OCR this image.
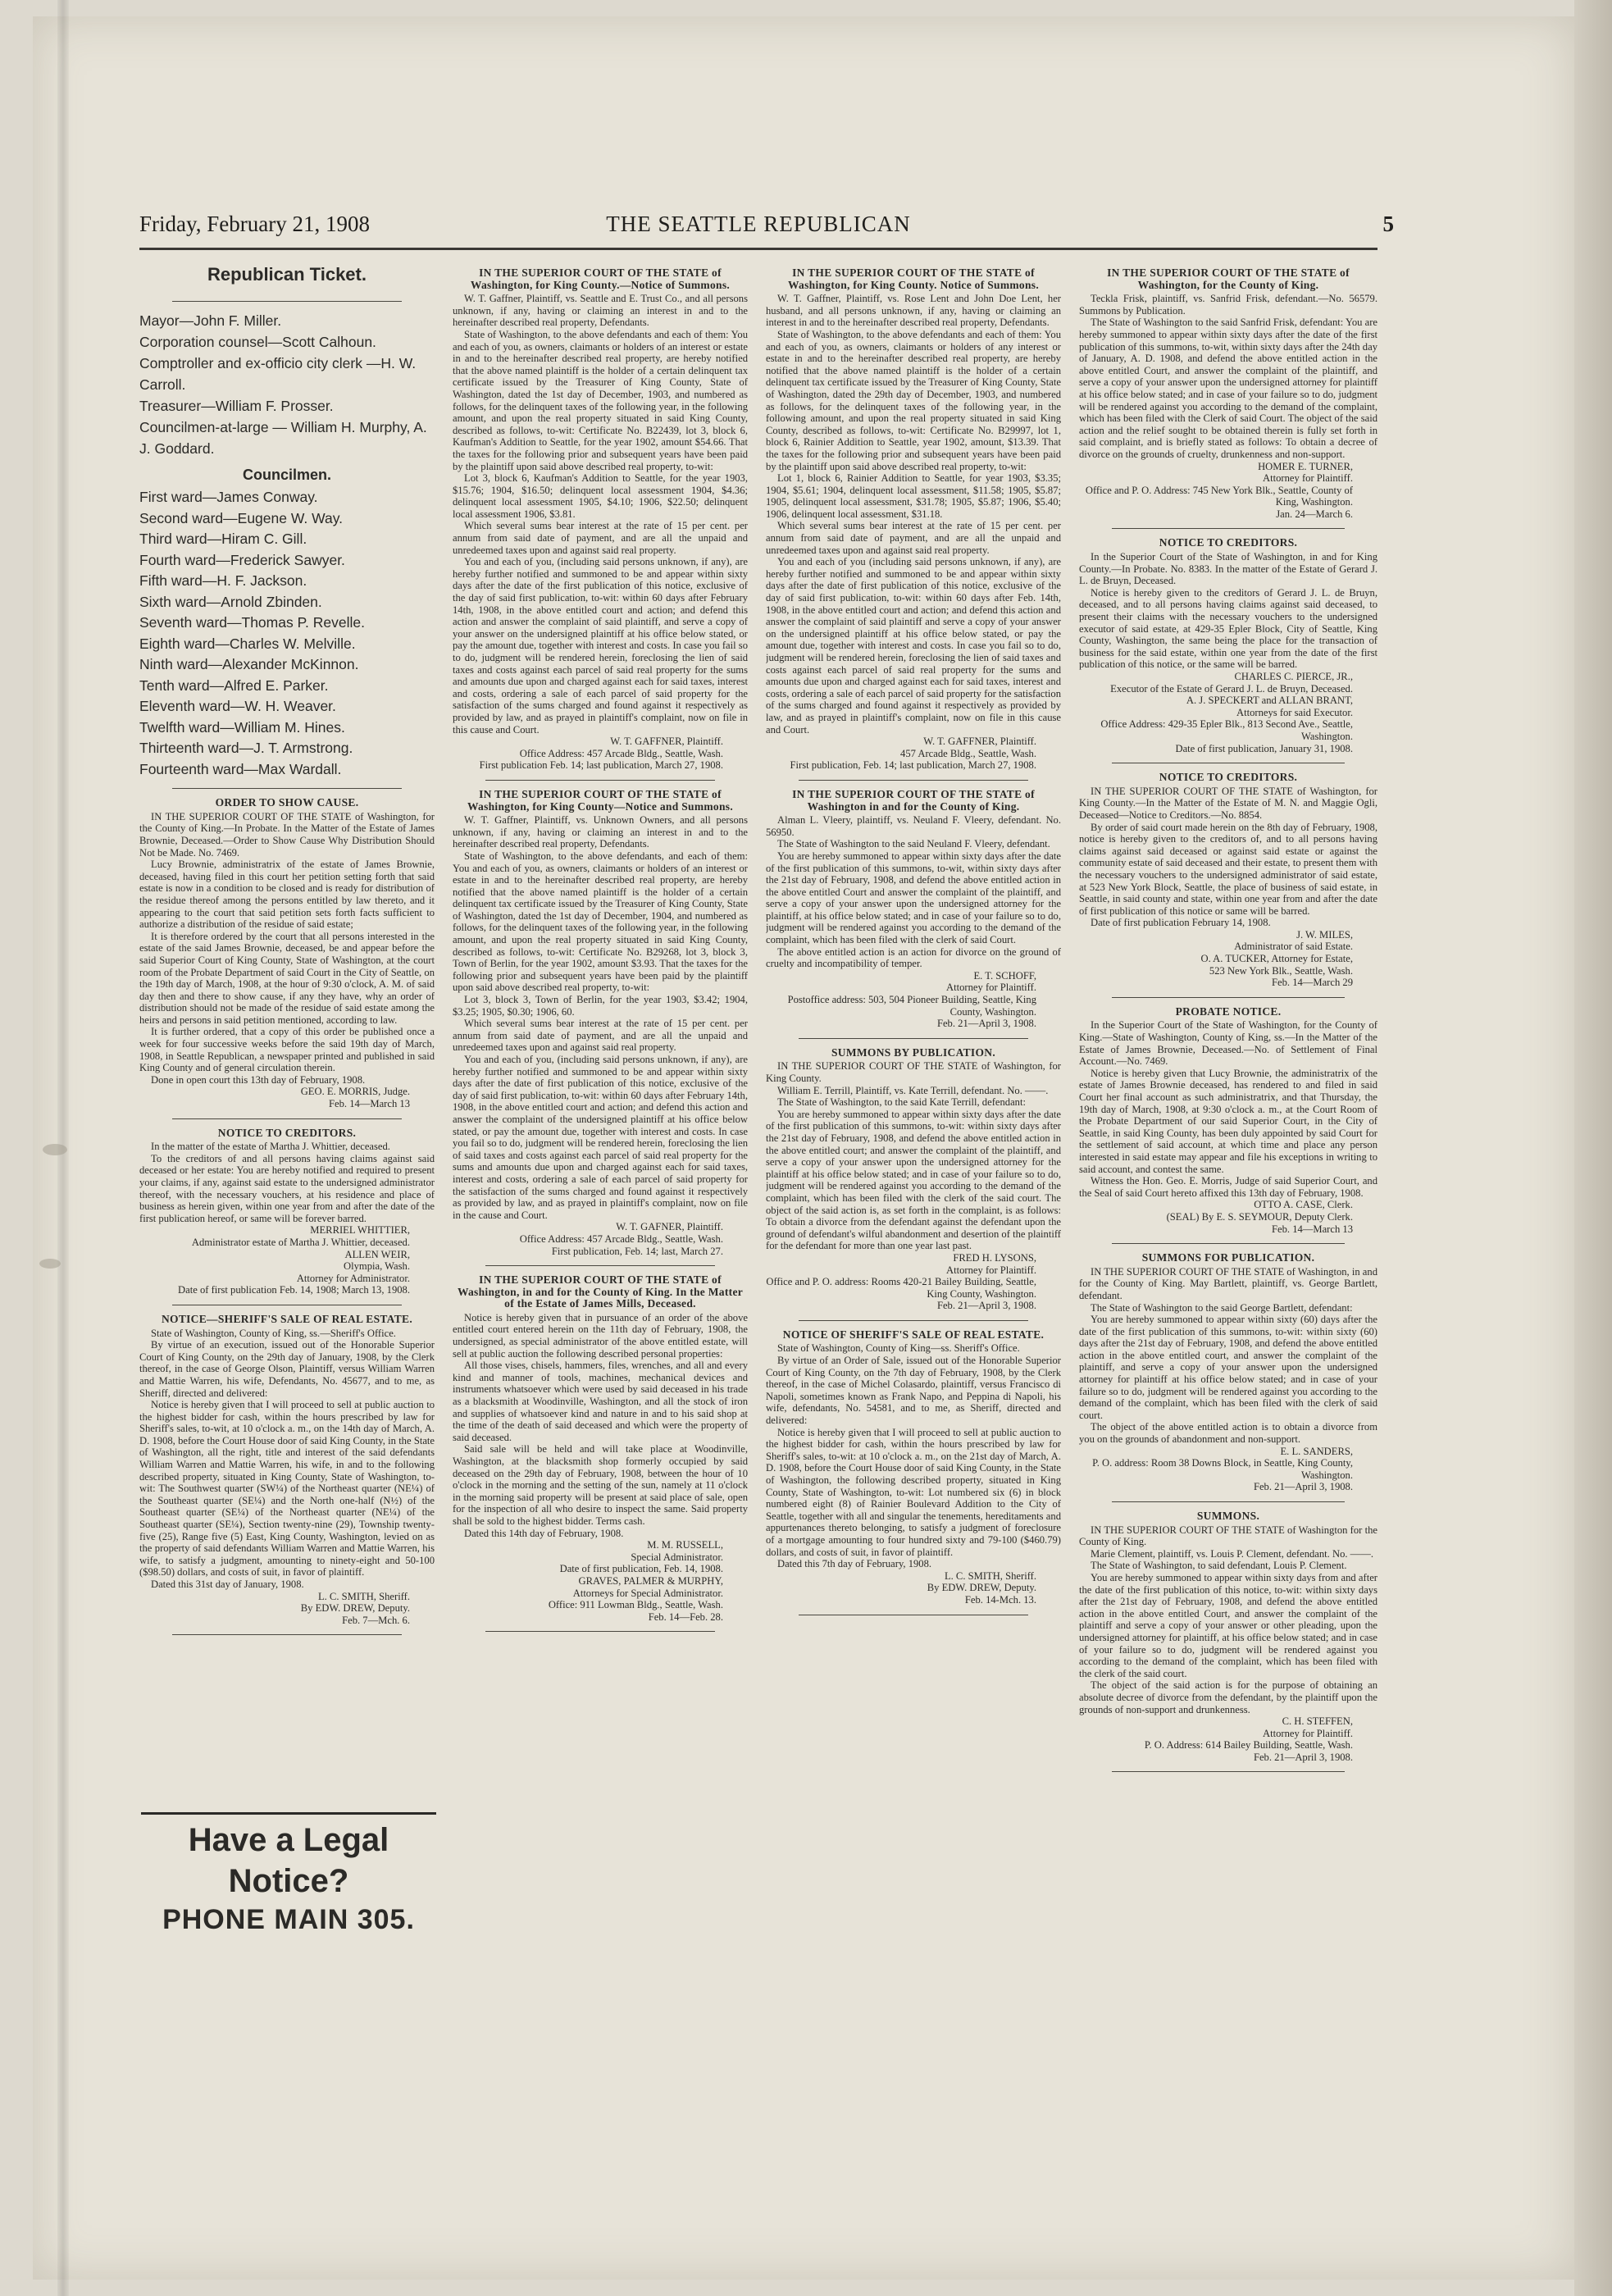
Friday, February 21, 1908	THE SEATTLE REPUBLICAN	5
Republican Ticket.
Mayor—John F. Miller.
Corporation counsel—Scott Calhoun.
Comptroller and ex-officio city clerk —H. W. Carroll.
Treasurer—William F. Prosser.
Councilmen-at-large — William H. Murphy, A. J. Goddard.
Councilmen.
First ward—James Conway.
Second ward—Eugene W. Way.
Third ward—Hiram C. Gill.
Fourth ward—Frederick Sawyer.
Fifth ward—H. F. Jackson.
Sixth ward—Arnold Zbinden.
Seventh ward—Thomas P. Revelle.
Eighth ward—Charles W. Melville.
Ninth ward—Alexander McKinnon.
Tenth ward—Alfred E. Parker.
Eleventh ward—W. H. Weaver.
Twelfth ward—William M. Hines.
Thirteenth ward—J. T. Armstrong.
Fourteenth ward—Max Wardall.
ORDER TO SHOW CAUSE.

IN THE SUPERIOR COURT OF THE STATE of Washington, for the County of King.—In Probate. In the Matter of the Estate of James Brownie, Deceased.—Order to Show Cause Why Distribution Should Not be Made. No. 7469.

Lucy Brownie, administratrix of the estate of James Brownie, deceased, having filed in this court her petition setting forth that said estate is now in a condition to be closed and is ready for distribution of the residue thereof among the persons entitled by law thereto, and it appearing to the court that said petition sets forth facts sufficient to authorize a distribution of the residue of said estate;

It is therefore ordered by the court that all persons interested in the estate of the said James Brownie, deceased, be and appear before the said Superior Court of King County, State of Washington, at the court room of the Probate Department of said Court in the City of Seattle, on the 19th day of March, 1908, at the hour of 9:30 o'clock, A. M. of said day then and there to show cause, if any they have, why an order of distribution should not be made of the residue of said estate among the heirs and persons in said petition mentioned, according to law.

It is further ordered, that a copy of this order be published once a week for four successive weeks before the said 19th day of March, 1908, in Seattle Republican, a newspaper printed and published in said King County and of general circulation therein.

Done in open court this 13th day of February, 1908.

GEO. E. MORRIS, Judge.
Feb. 14—March 13
NOTICE TO CREDITORS.

In the matter of the estate of Martha J. Whittier, deceased.

To the creditors of and all persons having claims against said deceased or her estate: You are hereby notified and required to present your claims, if any, against said estate to the undersigned administrator thereof, with the necessary vouchers, at his residence and place of business as herein given, within one year from and after the date of the first publication hereof, or same will be forever barred.

MERRIEL WHITTIER,
Administrator estate of Martha J. Whittier, deceased.
ALLEN WEIR,
Olympia, Wash.
Attorney for Administrator.
Date of first publication Feb. 14, 1908; March 13, 1908.
NOTICE—SHERIFF'S SALE OF REAL ESTATE.

State of Washington, County of King, ss.—Sheriff's Office.

By virtue of an execution, issued out of the Honorable Superior Court of King County, on the 29th day of January, 1908, by the Clerk thereof, in the case of George Olson, Plaintiff, versus William Warren and Mattie Warren, his wife, Defendants, No. 45677, and to me, as Sheriff, directed and delivered:

Notice is hereby given that I will proceed to sell at public auction to the highest bidder for cash, within the hours prescribed by law for Sheriff's sales, to-wit, at 10 o'clock a. m., on the 14th day of March, A. D. 1908, before the Court House door of said King County, in the State of Washington, all the right, title and interest of the said defendants William Warren and Mattie Warren, his wife, in and to the following described property, situated in King County, State of Washington, to-wit: The Southwest quarter (SW¼) of the Northeast quarter (NE¼) of the Southeast quarter (SE¼) and the North one-half (N½) of the Southeast quarter (SE¼) of the Northeast quarter (NE¼) of the Southeast quarter (SE¼), Section twenty-nine (29), Township twenty-five (25), Range five (5) East, King County, Washington, levied on as the property of said defendants William Warren and Mattie Warren, his wife, to satisfy a judgment, amounting to ninety-eight and 50-100 ($98.50) dollars, and costs of suit, in favor of plaintiff.

Dated this 31st day of January, 1908.

L. C. SMITH, Sheriff.
By EDW. DREW, Deputy.
Feb. 7—Mch. 6.
Have a Legal Notice?
PHONE MAIN 305.
IN THE SUPERIOR COURT OF THE STATE of Washington, for King County.—Notice of Summons.

W. T. Gaffner, Plaintiff, vs. Seattle and E. Trust Co., and all persons unknown, if any, having or claiming an interest in and to the hereinafter described real property, Defendants.

State of Washington, to the above defendants and each of them: You and each of you, as owners, claimants or holders of an interest or estate in and to the hereinafter described real property, are hereby notified that the above named plaintiff is the holder of a certain delinquent tax certificate issued by the Treasurer of King County, State of Washington, dated the 1st day of December, 1903, and numbered as follows, for the delinquent taxes of the following year, in the following amount, and upon the real property situated in said King County, described as follows, to-wit: Certificate No. B22439, lot 3, block 6, Kaufman's Addition to Seattle, for the year 1902, amount $54.66. That the taxes for the following prior and subsequent years have been paid by the plaintiff upon said above described real property, to-wit:

Lot 3, block 6, Kaufman's Addition to Seattle, for the year 1903, $15.76; 1904, $16.50; delinquent local assessment 1904, $4.36; delinquent local assessment 1905, $4.10; 1906, $22.50; delinquent local assessment 1906, $3.81.

Which several sums bear interest at the rate of 15 per cent. per annum from said date of payment, and are all the unpaid and unredeemed taxes upon and against said real property.

You and each of you, (including said persons unknown, if any), are hereby further notified and summoned to be and appear within sixty days after the date of the first publication of this notice, exclusive of the day of said first publication, to-wit: within 60 days after February 14th, 1908, in the above entitled court and action; and defend this action and answer the complaint of said plaintiff, and serve a copy of your answer on the undersigned plaintiff at his office below stated, or pay the amount due, together with interest and costs. In case you fail so to do, judgment will be rendered herein, foreclosing the lien of said taxes and costs against each parcel of said real property for the sums and amounts due upon and charged against each for said taxes, interest and costs, ordering a sale of each parcel of said property for the satisfaction of the sums charged and found against it respectively as provided by law, and as prayed in plaintiff's complaint, now on file in this cause and Court.

W. T. GAFFNER, Plaintiff.
Office Address: 457 Arcade Bldg., Seattle, Wash.
First publication Feb. 14; last publication, March 27, 1908.
IN THE SUPERIOR COURT OF THE STATE of Washington, for King County—Notice and Summons.

W. T. Gaffner, Plaintiff, vs. Unknown Owners, and all persons unknown, if any, having or claiming an interest in and to the hereinafter described real property, Defendants.

State of Washington, to the above defendants, and each of them: You and each of you, as owners, claimants or holders of an interest or estate in and to the hereinafter described real property, are hereby notified that the above named plaintiff is the holder of a certain delinquent tax certificate issued by the Treasurer of King County, State of Washington, dated the 1st day of December, 1904, and numbered as follows, for the delinquent taxes of the following year, in the following amount, and upon the real property situated in said King County, described as follows, to-wit: Certificate No. B29268, lot 3, block 3, Town of Berlin, for the year 1902, amount $3.93. That the taxes for the following prior and subsequent years have been paid by the plaintiff upon said above described real property, to-wit:

Lot 3, block 3, Town of Berlin, for the year 1903, $3.42; 1904, $3.25; 1905, $0.30; 1906, 60.

Which several sums bear interest at the rate of 15 per cent. per annum from said date of payment, and are all the unpaid and unredeemed taxes upon and against said real property.

You and each of you, (including said persons unknown, if any), are hereby further notified and summoned to be and appear within sixty days after the date of first publication of this notice, exclusive of the day of said first publication, to-wit: within 60 days after February 14th, 1908, in the above entitled court and action; and defend this action and answer the complaint of the undersigned plaintiff at his office below stated, or pay the amount due, together with interest and costs. In case you fail so to do, judgment will be rendered herein, foreclosing the lien of said taxes and costs against each parcel of said real property for the sums and amounts due upon and charged against each for said taxes, interest and costs, ordering a sale of each parcel of said property for the satisfaction of the sums charged and found against it respectively as provided by law, and as prayed in plaintiff's complaint, now on file in the cause and Court.

W. T. GAFNER, Plaintiff.
Office Address: 457 Arcade Bldg., Seattle, Wash.
First publication, Feb. 14; last, March 27.
IN THE SUPERIOR COURT OF THE STATE of Washington, in and for the County of King. In the Matter of the Estate of James Mills, Deceased.

Notice is hereby given that in pursuance of an order of the above entitled court entered herein on the 11th day of February, 1908, the undersigned, as special administrator of the above entitled estate, will sell at public auction the following described personal properties:

All those vises, chisels, hammers, files, wrenches, and all and every kind and manner of tools, machines, mechanical devices and instruments whatsoever which were used by said deceased in his trade as a blacksmith at Woodinville, Washington, and all the stock of iron and supplies of whatsoever kind and nature in and to his said shop at the time of the death of said deceased and which were the property of said deceased.

Said sale will be held and will take place at Woodinville, Washington, at the blacksmith shop formerly occupied by said deceased on the 29th day of February, 1908, between the hour of 10 o'clock in the morning and the setting of the sun, namely at 11 o'clock in the morning said property will be present at said place of sale, open for the inspection of all who desire to inspect the same. Said property shall be sold to the highest bidder. Terms cash.

Dated this 14th day of February, 1908.

M. M. RUSSELL,
Special Administrator.
Date of first publication, Feb. 14, 1908.
GRAVES, PALMER & MURPHY,
Attorneys for Special Administrator.
Office: 911 Lowman Bldg., Seattle, Wash.
Feb. 14—Feb. 28.
IN THE SUPERIOR COURT OF THE STATE of Washington, for King County. Notice of Summons.

W. T. Gaffner, Plaintiff, vs. Rose Lent and John Doe Lent, her husband, and all persons unknown, if any, having or claiming an interest in and to the hereinafter described real property, Defendants.

State of Washington, to the above defendants and each of them: You and each of you, as owners, claimants or holders of any interest or estate in and to the hereinafter described real property, are hereby notified that the above named plaintiff is the holder of a certain delinquent tax certificate issued by the Treasurer of King County, State of Washington, dated the 29th day of December, 1903, and numbered as follows, for the delinquent taxes of the following year, in the following amount, and upon the real property situated in said King County, described as follows, to-wit: Certificate No. B29997, lot 1, block 6, Rainier Addition to Seattle, year 1902, amount, $13.39. That the taxes for the following prior and subsequent years have been paid by the plaintiff upon said above described real property, to-wit:

Lot 1, block 6, Rainier Addition to Seattle, for year 1903, $3.35; 1904, $5.61; 1904, delinquent local assessment, $11.58; 1905, $5.87; 1905, delinquent local assessment, $31.78; 1905, $5.87; 1906, $5.40; 1906, delinquent local assessment, $31.18.

Which several sums bear interest at the rate of 15 per cent. per annum from said date of payment, and are all the unpaid and unredeemed taxes upon and against said real property.

You and each of you (including said persons unknown, if any), are hereby further notified and summoned to be and appear within sixty days after the date of first publication of this notice, exclusive of the day of said first publication, to-wit: within 60 days after Feb. 14th, 1908, in the above entitled court and action; and defend this action and answer the complaint of said plaintiff and serve a copy of your answer on the undersigned plaintiff at his office below stated, or pay the amount due, together with interest and costs. In case you fail so to do, judgment will be rendered herein, foreclosing the lien of said taxes and costs against each parcel of said real property for the sums and amounts due upon and charged against each for said taxes, interest and costs, ordering a sale of each parcel of said property for the satisfaction of the sums charged and found against it respectively as provided by law, and as prayed in plaintiff's complaint, now on file in this cause and Court.

W. T. GAFFNER, Plaintiff.
457 Arcade Bldg., Seattle, Wash.
First publication, Feb. 14; last publication, March 27, 1908.
IN THE SUPERIOR COURT OF THE STATE of Washington in and for the County of King.

Alman L. Vleery, plaintiff, vs. Neuland F. Vleery, defendant. No. 56950.

The State of Washington to the said Neuland F. Vleery, defendant.

You are hereby summoned to appear within sixty days after the date of the first publication of this summons, to-wit, within sixty days after the 21st day of February, 1908, and defend the above entitled action in the above entitled Court and answer the complaint of the plaintiff, and serve a copy of your answer upon the undersigned attorney for the plaintiff, at his office below stated; and in case of your failure so to do, judgment will be rendered against you according to the demand of the complaint, which has been filed with the clerk of said Court.

The above entitled action is an action for divorce on the ground of cruelty and incompatibility of temper.

E. T. SCHOFF,
Attorney for Plaintiff.
Postoffice address: 503, 504 Pioneer Building, Seattle, King County, Washington.
Feb. 21—April 3, 1908.
SUMMONS BY PUBLICATION.

IN THE SUPERIOR COURT OF THE STATE of Washington, for King County.

William E. Terrill, Plaintiff, vs. Kate Terrill, defendant. No. ——.

The State of Washington, to the said Kate Terrill, defendant:

You are hereby summoned to appear within sixty days after the date of the first publication of this summons, to-wit: within sixty days after the 21st day of February, 1908, and defend the above entitled action in the above entitled court; and answer the complaint of the plaintiff, and serve a copy of your answer upon the undersigned attorney for the plaintiff at his office below stated; and in case of your failure so to do, judgment will be rendered against you according to the demand of the complaint, which has been filed with the clerk of the said court. The object of the said action is, as set forth in the complaint, is as follows: To obtain a divorce from the defendant against the defendant upon the ground of defendant's wilful abandonment and desertion of the plaintiff for the defendant for more than one year last past.

FRED H. LYSONS,
Attorney for Plaintiff.
Office and P. O. address: Rooms 420-21 Bailey Building, Seattle, King County, Washington.
Feb. 21—April 3, 1908.
NOTICE OF SHERIFF'S SALE OF REAL ESTATE.

State of Washington, County of King—ss. Sheriff's Office.

By virtue of an Order of Sale, issued out of the Honorable Superior Court of King County, on the 7th day of February, 1908, by the Clerk thereof, in the case of Michel Colasardo, plaintiff, versus Francisco di Napoli, sometimes known as Frank Napo, and Peppina di Napoli, his wife, defendants, No. 54581, and to me, as Sheriff, directed and delivered:

Notice is hereby given that I will proceed to sell at public auction to the highest bidder for cash, within the hours prescribed by law for Sheriff's sales, to-wit: at 10 o'clock a. m., on the 21st day of March, A. D. 1908, before the Court House door of said King County, in the State of Washington, the following described property, situated in King County, State of Washington, to-wit: Lot numbered six (6) in block numbered eight (8) of Rainier Boulevard Addition to the City of Seattle, together with all and singular the tenements, hereditaments and appurtenances thereto belonging, to satisfy a judgment of foreclosure of a mortgage amounting to four hundred sixty and 79-100 ($460.79) dollars, and costs of suit, in favor of plaintiff.

Dated this 7th day of February, 1908.

L. C. SMITH, Sheriff.
By EDW. DREW, Deputy.
Feb. 14-Mch. 13.
IN THE SUPERIOR COURT OF THE STATE of Washington, for the County of King.

Teckla Frisk, plaintiff, vs. Sanfrid Frisk, defendant.—No. 56579. Summons by Publication.

The State of Washington to the said Sanfrid Frisk, defendant: You are hereby summoned to appear within sixty days after the date of the first publication of this summons, to-wit, within sixty days after the 24th day of January, A. D. 1908, and defend the above entitled action in the above entitled Court, and answer the complaint of the plaintiff, and serve a copy of your answer upon the undersigned attorney for plaintiff at his office below stated; and in case of your failure so to do, judgment will be rendered against you according to the demand of the complaint, which has been filed with the Clerk of said Court. The object of the said action and the relief sought to be obtained therein is fully set forth in said complaint, and is briefly stated as follows: To obtain a decree of divorce on the grounds of cruelty, drunkenness and non-support.

HOMER E. TURNER,
Attorney for Plaintiff.
Office and P. O. Address: 745 New York Blk., Seattle, County of King, Washington.
Jan. 24—March 6.
NOTICE TO CREDITORS.

In the Superior Court of the State of Washington, in and for King County.—In Probate. No. 8383. In the matter of the Estate of Gerard J. L. de Bruyn, Deceased.

Notice is hereby given to the creditors of Gerard J. L. de Bruyn, deceased, and to all persons having claims against said deceased, to present their claims with the necessary vouchers to the undersigned executor of said estate, at 429-35 Epler Block, City of Seattle, King County, Washington, the same being the place for the transaction of business for the said estate, within one year from the date of the first publication of this notice, or the same will be barred.

CHARLES C. PIERCE, JR.,
Executor of the Estate of Gerard J. L. de Bruyn, Deceased.
A. J. SPECKERT and ALLAN BRANT,
Attorneys for said Executor.
Office Address: 429-35 Epler Blk., 813 Second Ave., Seattle, Washington.
Date of first publication, January 31, 1908.
NOTICE TO CREDITORS.

IN THE SUPERIOR COURT OF THE STATE of Washington, for King County.—In the Matter of the Estate of M. N. and Maggie Ogli, Deceased—Notice to Creditors.—No. 8854.

By order of said court made herein on the 8th day of February, 1908, notice is hereby given to the creditors of, and to all persons having claims against said deceased or against said estate or against the community estate of said deceased and their estate, to present them with the necessary vouchers to the undersigned administrator of said estate, at 523 New York Block, Seattle, the place of business of said estate, in Seattle, in said county and state, within one year from and after the date of first publication of this notice or same will be barred.

Date of first publication February 14, 1908.

J. W. MILES,
Administrator of said Estate.
O. A. TUCKER, Attorney for Estate,
523 New York Blk., Seattle, Wash.
Feb. 14—March 29
PROBATE NOTICE.

In the Superior Court of the State of Washington, for the County of King.—State of Washington, County of King, ss.—In the Matter of the Estate of James Brownie, Deceased.—No. of Settlement of Final Account.—No. 7469.

Notice is hereby given that Lucy Brownie, the administratrix of the estate of James Brownie deceased, has rendered to and filed in said Court her final account as such administratrix, and that Thursday, the 19th day of March, 1908, at 9:30 o'clock a. m., at the Court Room of the Probate Department of our said Superior Court, in the City of Seattle, in said King County, has been duly appointed by said Court for the settlement of said account, at which time and place any person interested in said estate may appear and file his exceptions in writing to said account, and contest the same.

Witness the Hon. Geo. E. Morris, Judge of said Superior Court, and the Seal of said Court hereto affixed this 13th day of February, 1908.

OTTO A. CASE, Clerk.
(SEAL) By E. S. SEYMOUR, Deputy Clerk.
Feb. 14—March 13
SUMMONS FOR PUBLICATION.

IN THE SUPERIOR COURT OF THE STATE of Washington, in and for the County of King. May Bartlett, plaintiff, vs. George Bartlett, defendant.

The State of Washington to the said George Bartlett, defendant:

You are hereby summoned to appear within sixty (60) days after the date of the first publication of this summons, to-wit: within sixty (60) days after the 21st day of February, 1908, and defend the above entitled action in the above entitled court, and answer the complaint of the plaintiff, and serve a copy of your answer upon the undersigned attorney for plaintiff at his office below stated; and in case of your failure so to do, judgment will be rendered against you according to the demand of the complaint, which has been filed with the clerk of said court.

The object of the above entitled action is to obtain a divorce from you on the grounds of abandonment and non-support.

E. L. SANDERS,
P. O. address: Room 38 Downs Block, in Seattle, King County, Washington.
Feb. 21—April 3, 1908.
SUMMONS.

IN THE SUPERIOR COURT OF THE STATE of Washington for the County of King.

Marie Clement, plaintiff, vs. Louis P. Clement, defendant. No. ——.

The State of Washington, to said defendant, Louis P. Clement.

You are hereby summoned to appear within sixty days from and after the date of the first publication of this notice, to-wit: within sixty days after the 21st day of February, 1908, and defend the above entitled action in the above entitled Court, and answer the complaint of the plaintiff and serve a copy of your answer or other pleading, upon the undersigned attorney for plaintiff, at his office below stated; and in case of your failure so to do, judgment will be rendered against you according to the demand of the complaint, which has been filed with the clerk of the said court.

The object of the said action is for the purpose of obtaining an absolute decree of divorce from the defendant, by the plaintiff upon the grounds of non-support and drunkenness.

C. H. STEFFEN,
Attorney for Plaintiff.
P. O. Address: 614 Bailey Building, Seattle, Wash.
Feb. 21—April 3, 1908.
